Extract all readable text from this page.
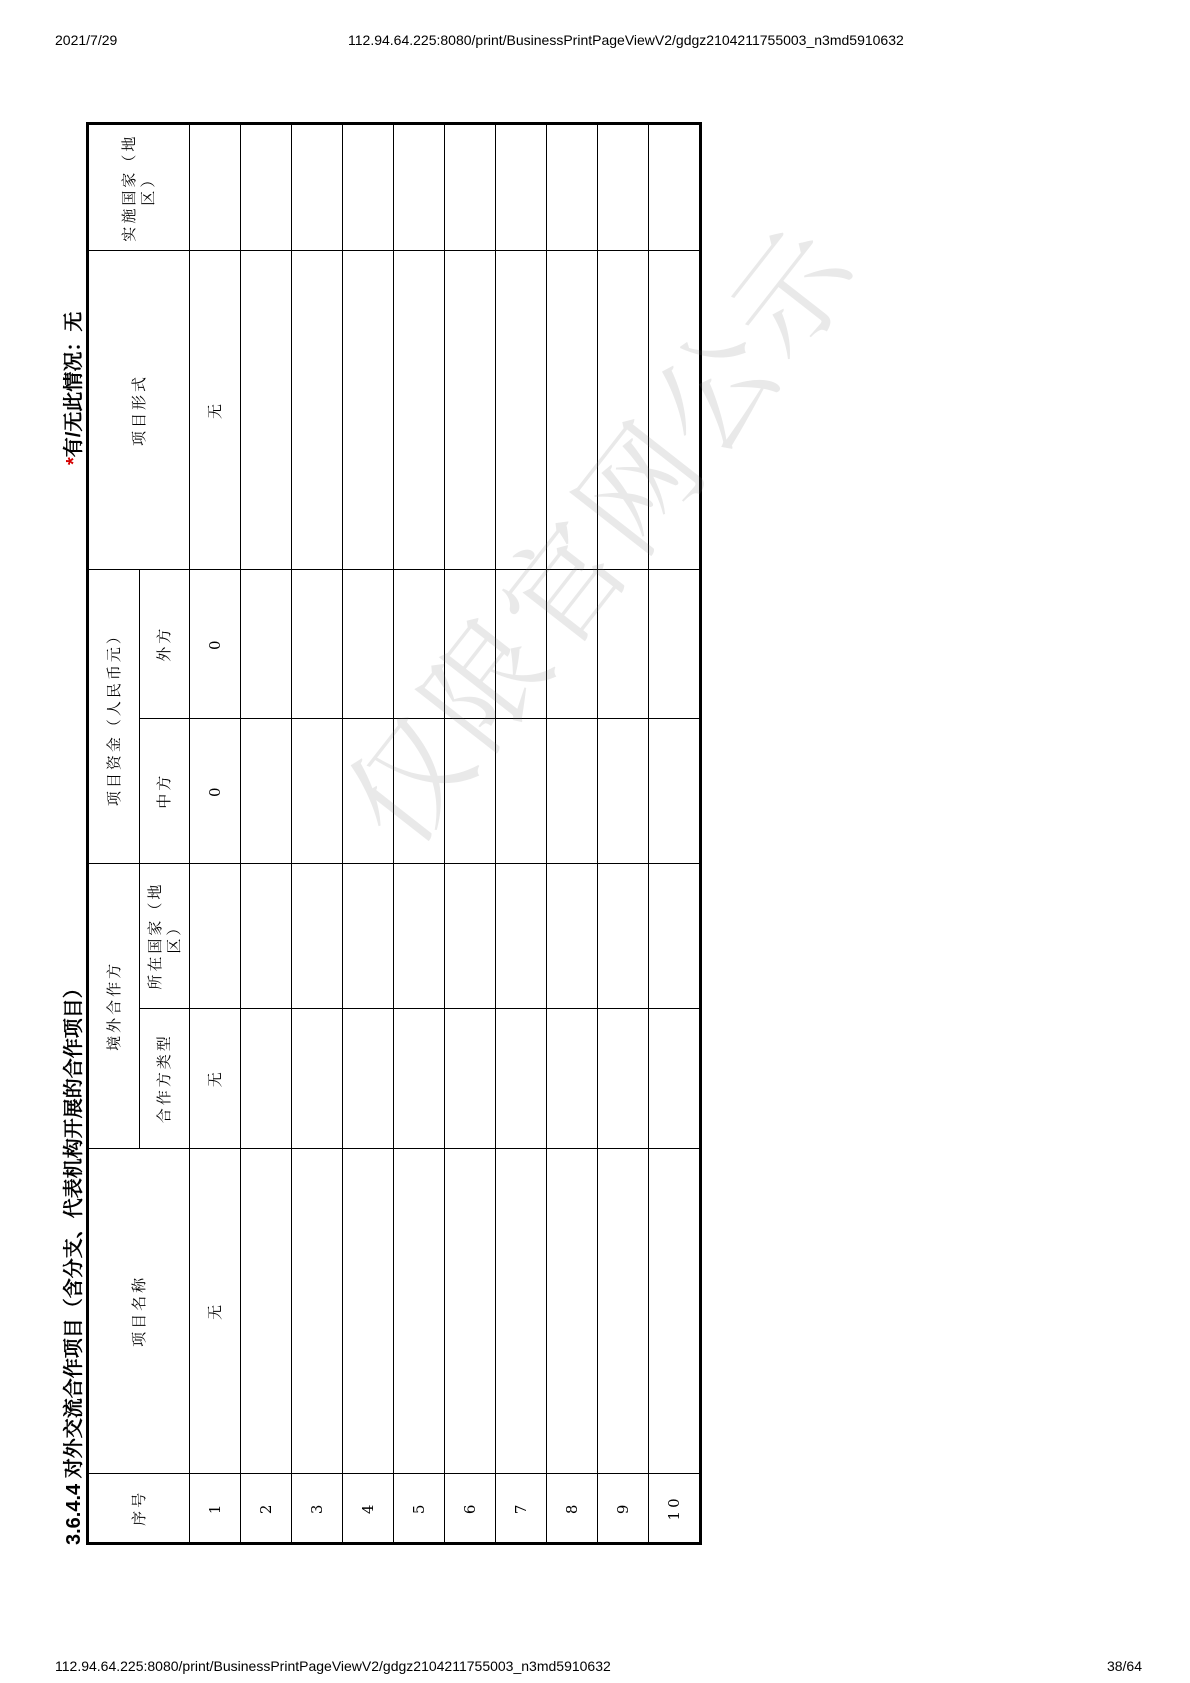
2021/7/29	112.94.64.225:8080/print/BusinessPrintPageViewV2/gdgz2104211755003_n3md5910632
3.6.4.4 对外交流合作项目（含分支、代表机构开展的合作项目）
*有/无此情况：无
序号	项目名称	境外合作方		项目资金（人民币元）		项目形式	实施国家（地区）
		合作方类型	所在国家（地区）	中方	外方		
1	无	无		0	0	无	
2							
3							
4							
5							
6							
7							
8							
9							
10							
仅限官网公示
112.94.64.225:8080/print/BusinessPrintPageViewV2/gdgz2104211755003_n3md5910632	38/64
